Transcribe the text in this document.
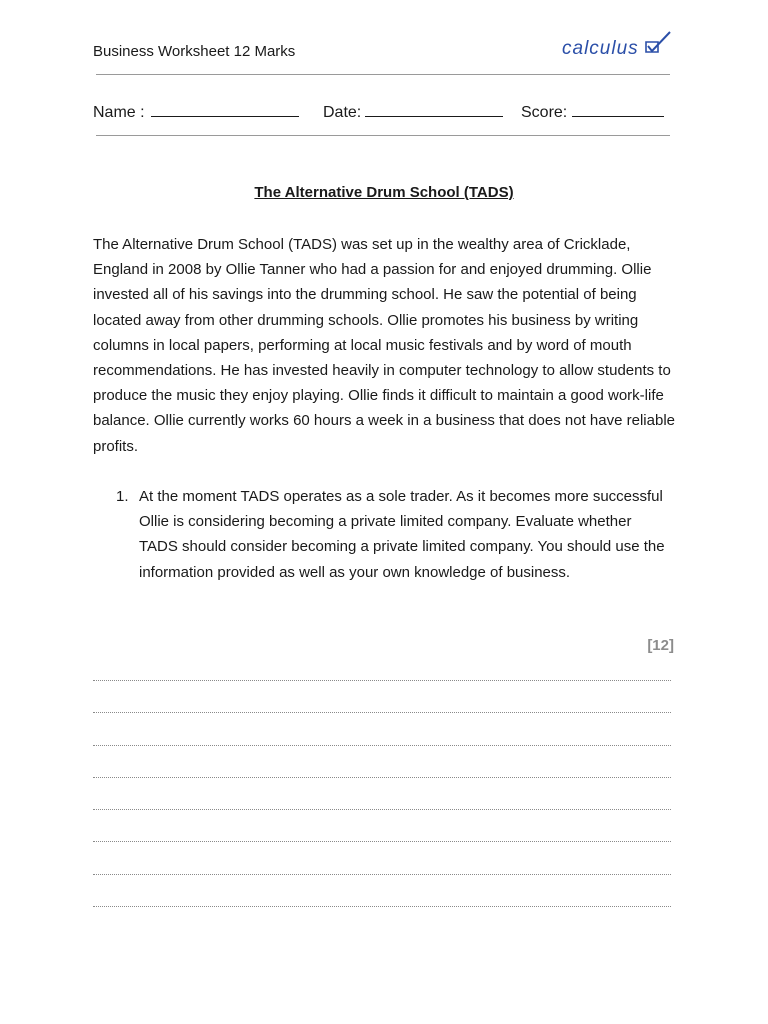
Business Worksheet 12 Marks	calculus
Name :	Date:	Score:
The Alternative Drum School (TADS)

The Alternative Drum School (TADS) was set up in the wealthy area of Cricklade, England in 2008 by Ollie Tanner who had a passion for and enjoyed drumming. Ollie invested all of his savings into the drumming school. He saw the potential of being located away from other drumming schools. Ollie promotes his business by writing columns in local papers, performing at local music festivals and by word of mouth recommendations. He has invested heavily in computer technology to allow students to produce the music they enjoy playing. Ollie finds it difficult to maintain a good work-life balance. Ollie currently works 60 hours a week in a business that does not have reliable profits.

1. At the moment TADS operates as a sole trader. As it becomes more successful Ollie is considering becoming a private limited company. Evaluate whether TADS should consider becoming a private limited company. You should use the information provided as well as your own knowledge of business.
[12]
